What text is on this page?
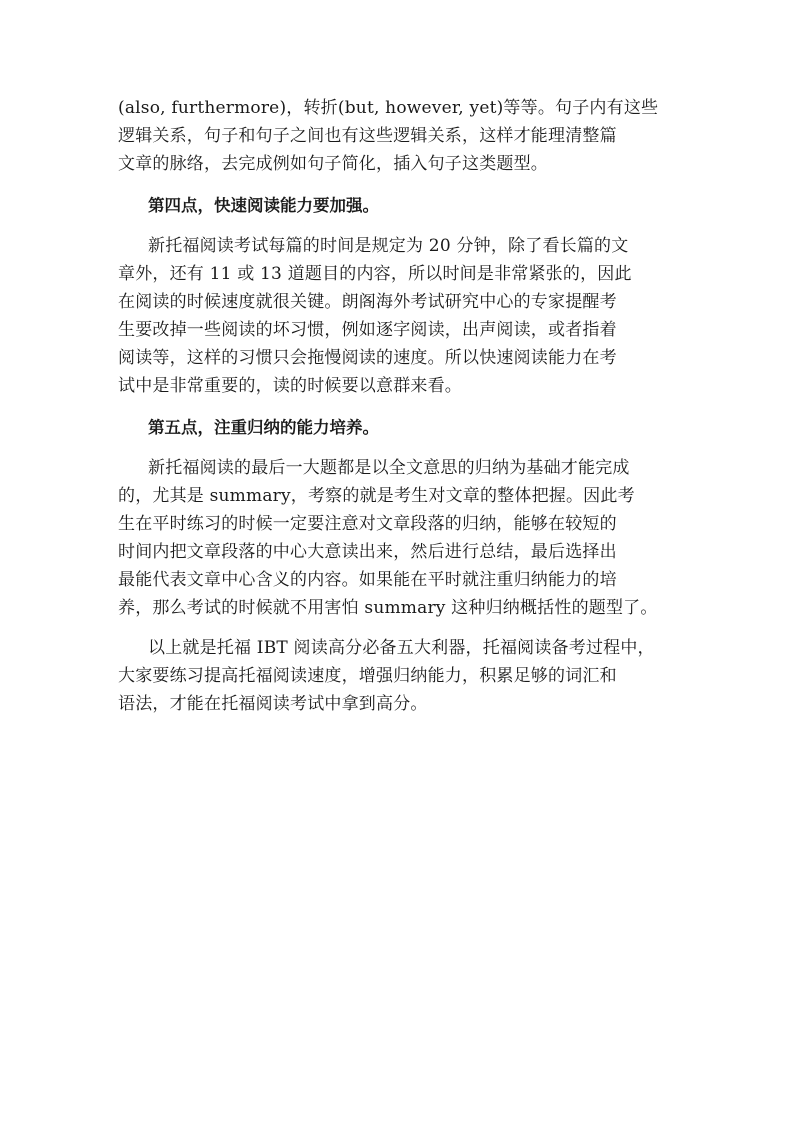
(also, furthermore)，转折(but, however, yet)等等。句子内有这些
逻辑关系，句子和句子之间也有这些逻辑关系，这样才能理清整篇
文章的脉络，去完成例如句子简化，插入句子这类题型。
第四点，快速阅读能力要加强。
新托福阅读考试每篇的时间是规定为 20 分钟，除了看长篇的文
章外，还有 11 或 13 道题目的内容，所以时间是非常紧张的，因此
在阅读的时候速度就很关键。朗阁海外考试研究中心的专家提醒考
生要改掉一些阅读的坏习惯，例如逐字阅读，出声阅读，或者指着
阅读等，这样的习惯只会拖慢阅读的速度。所以快速阅读能力在考
试中是非常重要的，读的时候要以意群来看。
第五点，注重归纳的能力培养。
新托福阅读的最后一大题都是以全文意思的归纳为基础才能完成
的，尤其是 summary，考察的就是考生对文章的整体把握。因此考
生在平时练习的时候一定要注意对文章段落的归纳，能够在较短的
时间内把文章段落的中心大意读出来，然后进行总结，最后选择出
最能代表文章中心含义的内容。如果能在平时就注重归纳能力的培
养，那么考试的时候就不用害怕 summary 这种归纳概括性的题型了。
以上就是托福 IBT 阅读高分必备五大利器，托福阅读备考过程中，
大家要练习提高托福阅读速度，增强归纳能力，积累足够的词汇和
语法，才能在托福阅读考试中拿到高分。
